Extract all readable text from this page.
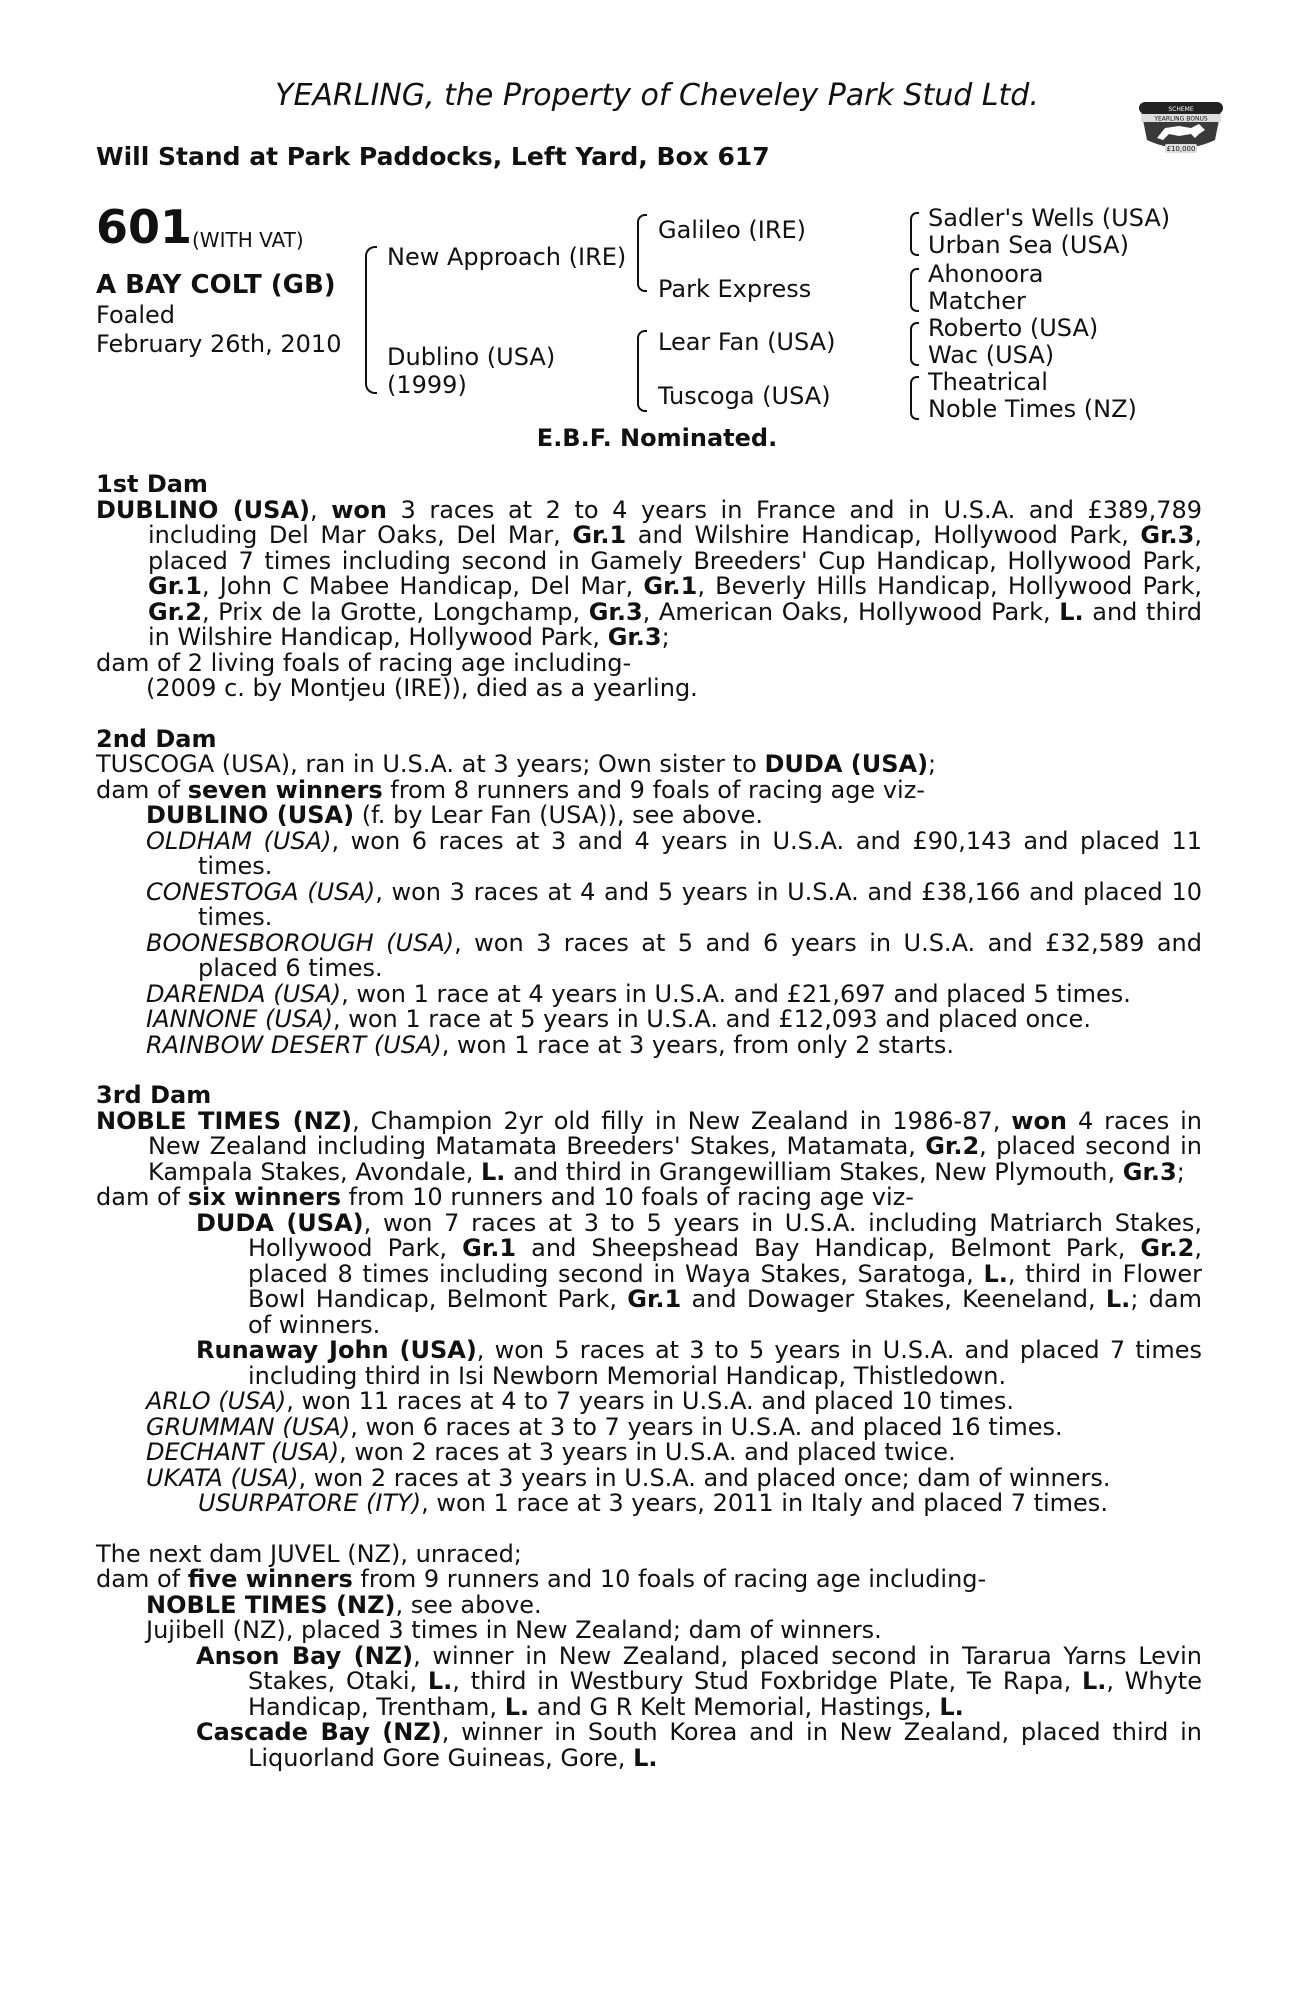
YEARLING, the Property of Cheveley Park Stud Ltd.
Will Stand at Park Paddocks, Left Yard, Box 617
SCHEME
YEARLING BONUS
£10,000
601 (WITH VAT)
A BAY COLT (GB)
Foaled
February 26th, 2010
New Approach (IRE)
Dublino (USA)
(1999)
Galileo (IRE)
Park Express
Lear Fan (USA)
Tuscoga (USA)
Sadler's Wells (USA)
Urban Sea (USA)
Ahonoora
Matcher
Roberto (USA)
Wac (USA)
Theatrical
Noble Times (NZ)
E.B.F. Nominated.
1st Dam
DUBLINO (USA), won 3 races at 2 to 4 years in France and in U.S.A. and £389,789 including Del Mar Oaks, Del Mar, Gr.1 and Wilshire Handicap, Hollywood Park, Gr.3, placed 7 times including second in Gamely Breeders' Cup Handicap, Hollywood Park, Gr.1, John C Mabee Handicap, Del Mar, Gr.1, Beverly Hills Handicap, Hollywood Park, Gr.2, Prix de la Grotte, Longchamp, Gr.3, American Oaks, Hollywood Park, L. and third in Wilshire Handicap, Hollywood Park, Gr.3;
dam of 2 living foals of racing age including-
(2009 c. by Montjeu (IRE)), died as a yearling.
2nd Dam
TUSCOGA (USA), ran in U.S.A. at 3 years; Own sister to DUDA (USA);
dam of seven winners from 8 runners and 9 foals of racing age viz-
DUBLINO (USA) (f. by Lear Fan (USA)), see above.
OLDHAM (USA), won 6 races at 3 and 4 years in U.S.A. and £90,143 and placed 11 times.
CONESTOGA (USA), won 3 races at 4 and 5 years in U.S.A. and £38,166 and placed 10 times.
BOONESBOROUGH (USA), won 3 races at 5 and 6 years in U.S.A. and £32,589 and placed 6 times.
DARENDA (USA), won 1 race at 4 years in U.S.A. and £21,697 and placed 5 times.
IANNONE (USA), won 1 race at 5 years in U.S.A. and £12,093 and placed once.
RAINBOW DESERT (USA), won 1 race at 3 years, from only 2 starts.
3rd Dam
NOBLE TIMES (NZ), Champion 2yr old filly in New Zealand in 1986-87, won 4 races in New Zealand including Matamata Breeders' Stakes, Matamata, Gr.2, placed second in Kampala Stakes, Avondale, L. and third in Grangewilliam Stakes, New Plymouth, Gr.3;
dam of six winners from 10 runners and 10 foals of racing age viz-
DUDA (USA), won 7 races at 3 to 5 years in U.S.A. including Matriarch Stakes, Hollywood Park, Gr.1 and Sheepshead Bay Handicap, Belmont Park, Gr.2, placed 8 times including second in Waya Stakes, Saratoga, L., third in Flower Bowl Handicap, Belmont Park, Gr.1 and Dowager Stakes, Keeneland, L.; dam of winners.
Runaway John (USA), won 5 races at 3 to 5 years in U.S.A. and placed 7 times including third in Isi Newborn Memorial Handicap, Thistledown.
ARLO (USA), won 11 races at 4 to 7 years in U.S.A. and placed 10 times.
GRUMMAN (USA), won 6 races at 3 to 7 years in U.S.A. and placed 16 times.
DECHANT (USA), won 2 races at 3 years in U.S.A. and placed twice.
UKATA (USA), won 2 races at 3 years in U.S.A. and placed once; dam of winners.
USURPATORE (ITY), won 1 race at 3 years, 2011 in Italy and placed 7 times.
The next dam JUVEL (NZ), unraced;
dam of five winners from 9 runners and 10 foals of racing age including-
NOBLE TIMES (NZ), see above.
Jujibell (NZ), placed 3 times in New Zealand; dam of winners.
Anson Bay (NZ), winner in New Zealand, placed second in Tararua Yarns Levin Stakes, Otaki, L., third in Westbury Stud Foxbridge Plate, Te Rapa, L., Whyte Handicap, Trentham, L. and G R Kelt Memorial, Hastings, L.
Cascade Bay (NZ), winner in South Korea and in New Zealand, placed third in Liquorland Gore Guineas, Gore, L.
